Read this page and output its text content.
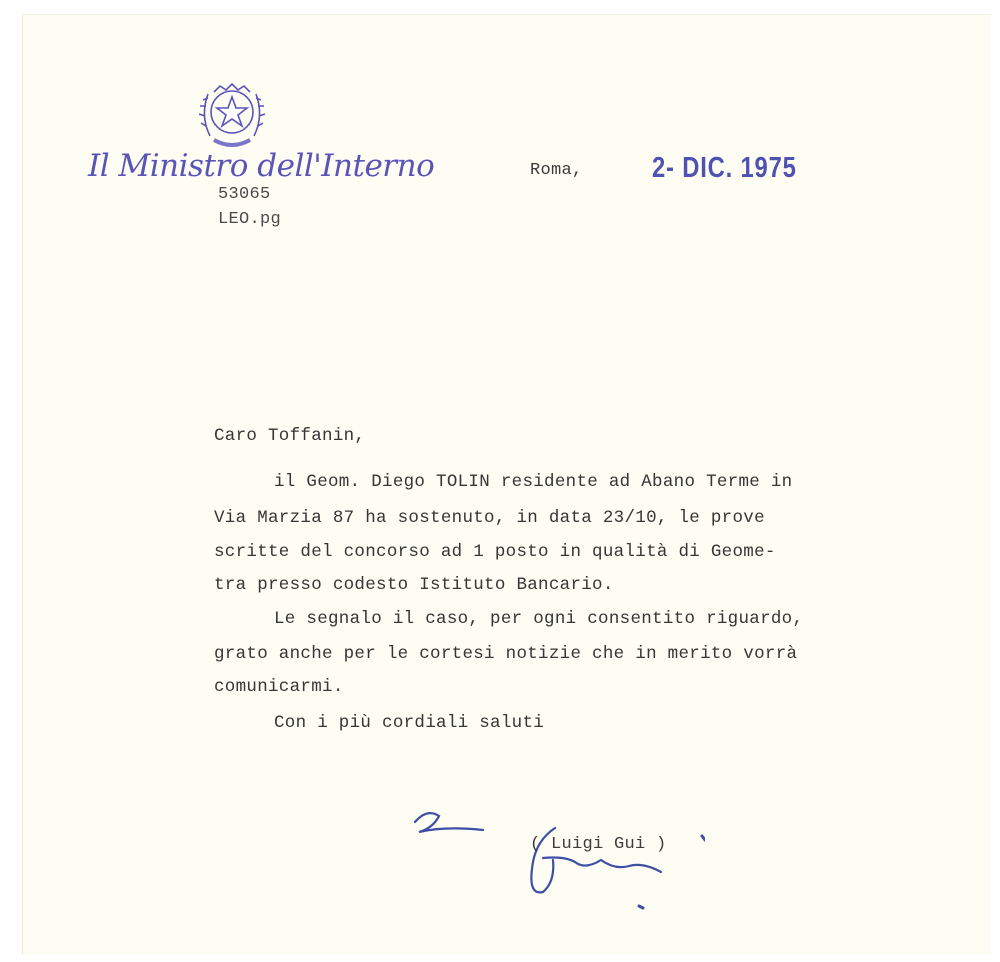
Il Ministro dell'Interno
53065
LEO.pg
Roma, 2- DIC. 1975
Caro Toffanin,
il Geom. Diego TOLIN residente ad Abano Terme in
Via Marzia 87 ha sostenuto, in data 23/10, le prove
scritte del concorso ad 1 posto in qualità di Geome-
tra presso codesto Istituto Bancario.
Le segnalo il caso, per ogni consentito riguardo,
grato anche per le cortesi notizie che in merito vorrà
comunicarmi.
Con i più cordiali saluti
( Luigi Gui )
